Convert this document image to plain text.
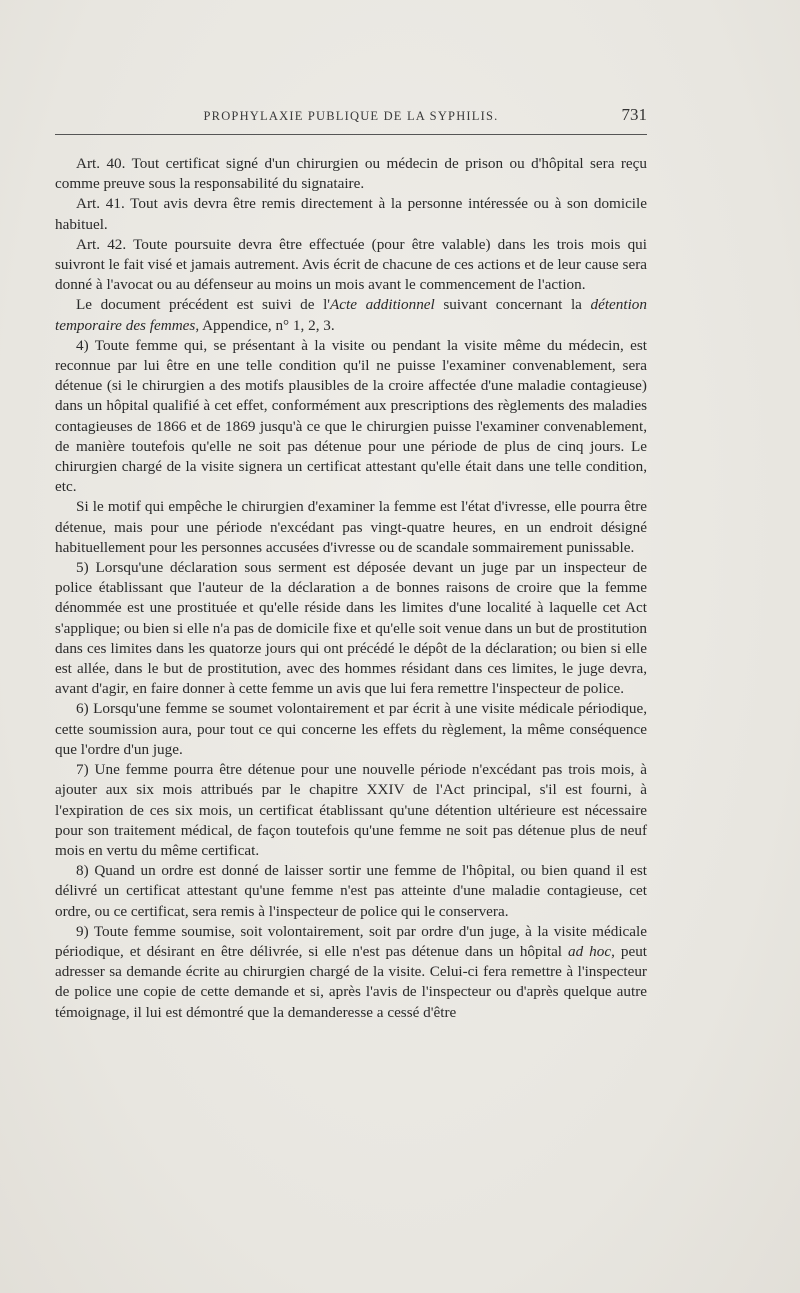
PROPHYLAXIE PUBLIQUE DE LA SYPHILIS.	731

Art. 40. Tout certificat signé d'un chirurgien ou médecin de prison ou d'hôpital sera reçu comme preuve sous la responsabilité du signataire.

Art. 41. Tout avis devra être remis directement à la personne intéressée ou à son domicile habituel.

Art. 42. Toute poursuite devra être effectuée (pour être valable) dans les trois mois qui suivront le fait visé et jamais autrement. Avis écrit de chacune de ces actions et de leur cause sera donné à l'avocat ou au défenseur au moins un mois avant le commencement de l'action.

Le document précédent est suivi de l'Acte additionnel suivant concernant la détention temporaire des femmes, Appendice, n° 1, 2, 3.

4) Toute femme qui, se présentant à la visite ou pendant la visite même du médecin, est reconnue par lui être en une telle condition qu'il ne puisse l'examiner convenablement, sera détenue (si le chirurgien a des motifs plausibles de la croire affectée d'une maladie contagieuse) dans un hôpital qualifié à cet effet, conformément aux prescriptions des règlements des maladies contagieuses de 1866 et de 1869 jusqu'à ce que le chirurgien puisse l'examiner convenablement, de manière toutefois qu'elle ne soit pas détenue pour une période de plus de cinq jours. Le chirurgien chargé de la visite signera un certificat attestant qu'elle était dans une telle condition, etc.

Si le motif qui empêche le chirurgien d'examiner la femme est l'état d'ivresse, elle pourra être détenue, mais pour une période n'excédant pas vingt-quatre heures, en un endroit désigné habituellement pour les personnes accusées d'ivresse ou de scandale sommairement punissable.

5) Lorsqu'une déclaration sous serment est déposée devant un juge par un inspecteur de police établissant que l'auteur de la déclaration a de bonnes raisons de croire que la femme dénommée est une prostituée et qu'elle réside dans les limites d'une localité à laquelle cet Act s'applique; ou bien si elle n'a pas de domicile fixe et qu'elle soit venue dans un but de prostitution dans ces limites dans les quatorze jours qui ont précédé le dépôt de la déclaration; ou bien si elle est allée, dans le but de prostitution, avec des hommes résidant dans ces limites, le juge devra, avant d'agir, en faire donner à cette femme un avis que lui fera remettre l'inspecteur de police.

6) Lorsqu'une femme se soumet volontairement et par écrit à une visite médicale périodique, cette soumission aura, pour tout ce qui concerne les effets du règlement, la même conséquence que l'ordre d'un juge.

7) Une femme pourra être détenue pour une nouvelle période n'excédant pas trois mois, à ajouter aux six mois attribués par le chapitre XXIV de l'Act principal, s'il est fourni, à l'expiration de ces six mois, un certificat établissant qu'une détention ultérieure est nécessaire pour son traitement médical, de façon toutefois qu'une femme ne soit pas détenue plus de neuf mois en vertu du même certificat.

8) Quand un ordre est donné de laisser sortir une femme de l'hôpital, ou bien quand il est délivré un certificat attestant qu'une femme n'est pas atteinte d'une maladie contagieuse, cet ordre, ou ce certificat, sera remis à l'inspecteur de police qui le conservera.

9) Toute femme soumise, soit volontairement, soit par ordre d'un juge, à la visite médicale périodique, et désirant en être délivrée, si elle n'est pas détenue dans un hôpital ad hoc, peut adresser sa demande écrite au chirurgien chargé de la visite. Celui-ci fera remettre à l'inspecteur de police une copie de cette demande et si, après l'avis de l'inspecteur ou d'après quelque autre témoignage, il lui est démontré que la demanderesse a cessé d'être
